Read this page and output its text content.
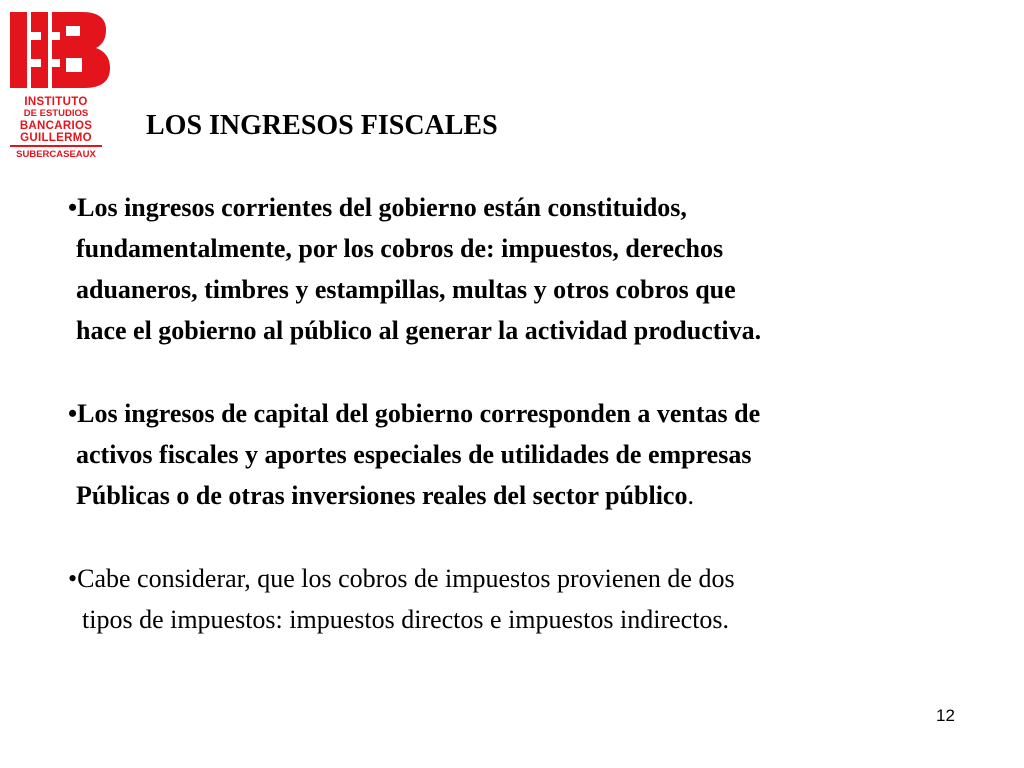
INSTITUTO
DE ESTUDIOS
BANCARIOS
GUILLERMO
SUBERCASEAUX
LOS INGRESOS FISCALES
•Los ingresos corrientes del gobierno están constituidos,
fundamentalmente, por los cobros de: impuestos, derechos
aduaneros, timbres y estampillas, multas y otros cobros que
hace el gobierno al público al generar la actividad productiva.
•Los ingresos de capital del gobierno corresponden a ventas de
activos fiscales y aportes especiales de utilidades de empresas
Públicas o de otras inversiones reales del sector público.
•Cabe considerar, que los cobros de impuestos provienen de dos
tipos de impuestos: impuestos directos e impuestos indirectos.
12
